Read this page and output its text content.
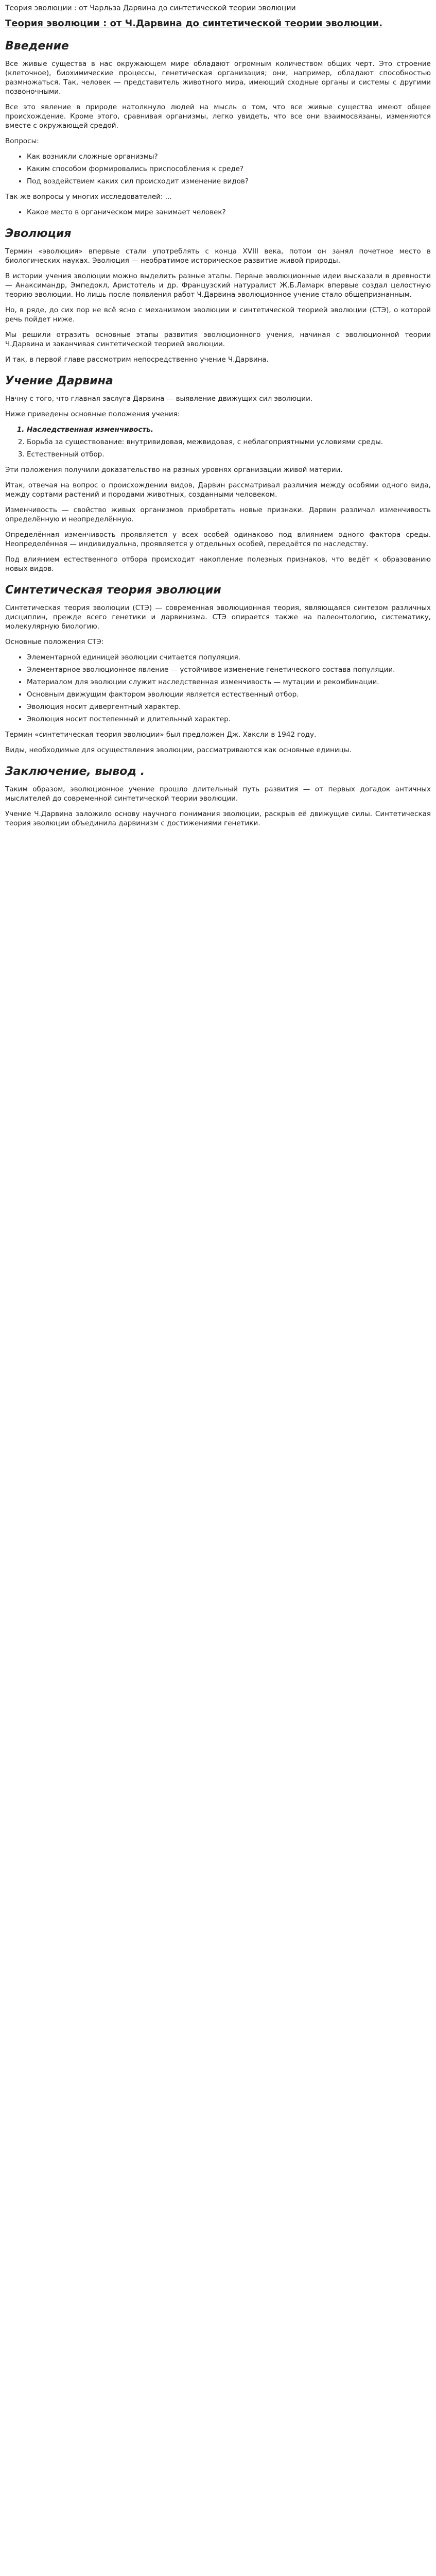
Теория эволюции : от Чарльза Дарвина до синтетической теории эволюции
Теория эволюции : от Ч.Дарвина до синтетической теории эволюции.
Введение

Все живые существа в нас окружающем мире обладают огромным количеством общих черт. Это строение (клеточное), биохимические процессы, генетическая организация; они, например, обладают способностью размножаться. Так, человек — представитель животного мира, имеющий сходные органы и системы с другими позвоночными.

Все это явление в природе натолкнуло людей на мысль о том, что все живые существа имеют общее происхождение. Кроме этого, сравнивая организмы, легко увидеть, что все они взаимосвязаны, изменяются вместе с окружающей средой.

Вопросы:

• Как возникли сложные организмы?
• Каким способом формировались приспособления к среде?
• Под воздействием каких сил происходит изменение видов?

Так же вопросы у многих исследователей: ...

• Какое место в органическом мире занимает человек?
Эволюция

Термин «эволюция» впервые стали употреблять с конца XVIII века, потом он занял почетное место в биологических науках. Эволюция — необратимое историческое развитие живой природы.

В истории учения эволюции можно выделить разные этапы. Первые эволюционные идеи высказали в древности — Анаксимандр, Эмпедокл, Аристотель и др. Французский натуралист Ж.Б.Ламарк впервые создал целостную теорию эволюции. Но лишь после появления работ Ч.Дарвина эволюционное учение стало общепризнанным.

Но, в ряде, до сих пор не всё ясно с механизмом эволюции и синтетической теорией эволюции (СТЭ), о которой речь пойдет ниже.

Мы решили отразить основные этапы развития эволюционного учения, начиная с эволюционной теории Ч.Дарвина и заканчивая синтетической теорией эволюции.

И так, в первой главе рассмотрим непосредственно учение Ч.Дарвина.

Учение Дарвина

Начну с того, что главная заслуга Дарвина — выявление движущих сил эволюции.

Ниже приведены основные положения учения:

1. Наследственная изменчивость.
2. Борьба за существование: внутривидовая, межвидовая, с неблагоприятными условиями среды.
3. Естественный отбор.

Эти положения получили доказательство на разных уровнях организации живой материи.

Итак, отвечая на вопрос о происхождении видов, Дарвин рассматривал различия между особями одного вида, между сортами растений и породами животных, созданными человеком.

Изменчивость — свойство живых организмов приобретать новые признаки. Дарвин различал изменчивость определённую и неопределённую.

Определённая изменчивость проявляется у всех особей одинаково под влиянием одного фактора среды. Неопределённая — индивидуальна, проявляется у отдельных особей, передаётся по наследству.

Под влиянием естественного отбора происходит накопление полезных признаков, что ведёт к образованию новых видов.

Синтетическая теория эволюции

Синтетическая теория эволюции (СТЭ) — современная эволюционная теория, являющаяся синтезом различных дисциплин, прежде всего генетики и дарвинизма. СТЭ опирается также на палеонтологию, систематику, молекулярную биологию.

Основные положения СТЭ:

• Элементарной единицей эволюции считается популяция.
• Элементарное эволюционное явление — устойчивое изменение генетического состава популяции.
• Материалом для эволюции служит наследственная изменчивость — мутации и рекомбинации.
• Основным движущим фактором эволюции является естественный отбор.
• Эволюция носит дивергентный характер.
• Эволюция носит постепенный и длительный характер.

Термин «синтетическая теория эволюции» был предложен Дж. Хаксли в 1942 году.

Виды, необходимые для осуществления эволюции, рассматриваются как основные единицы.

Заключение, вывод .

Таким образом, эволюционное учение прошло длительный путь развития — от первых догадок античных мыслителей до современной синтетической теории эволюции.

Учение Ч.Дарвина заложило основу научного понимания эволюции, раскрыв её движущие силы. Синтетическая теория эволюции объединила дарвинизм с достижениями генетики.
